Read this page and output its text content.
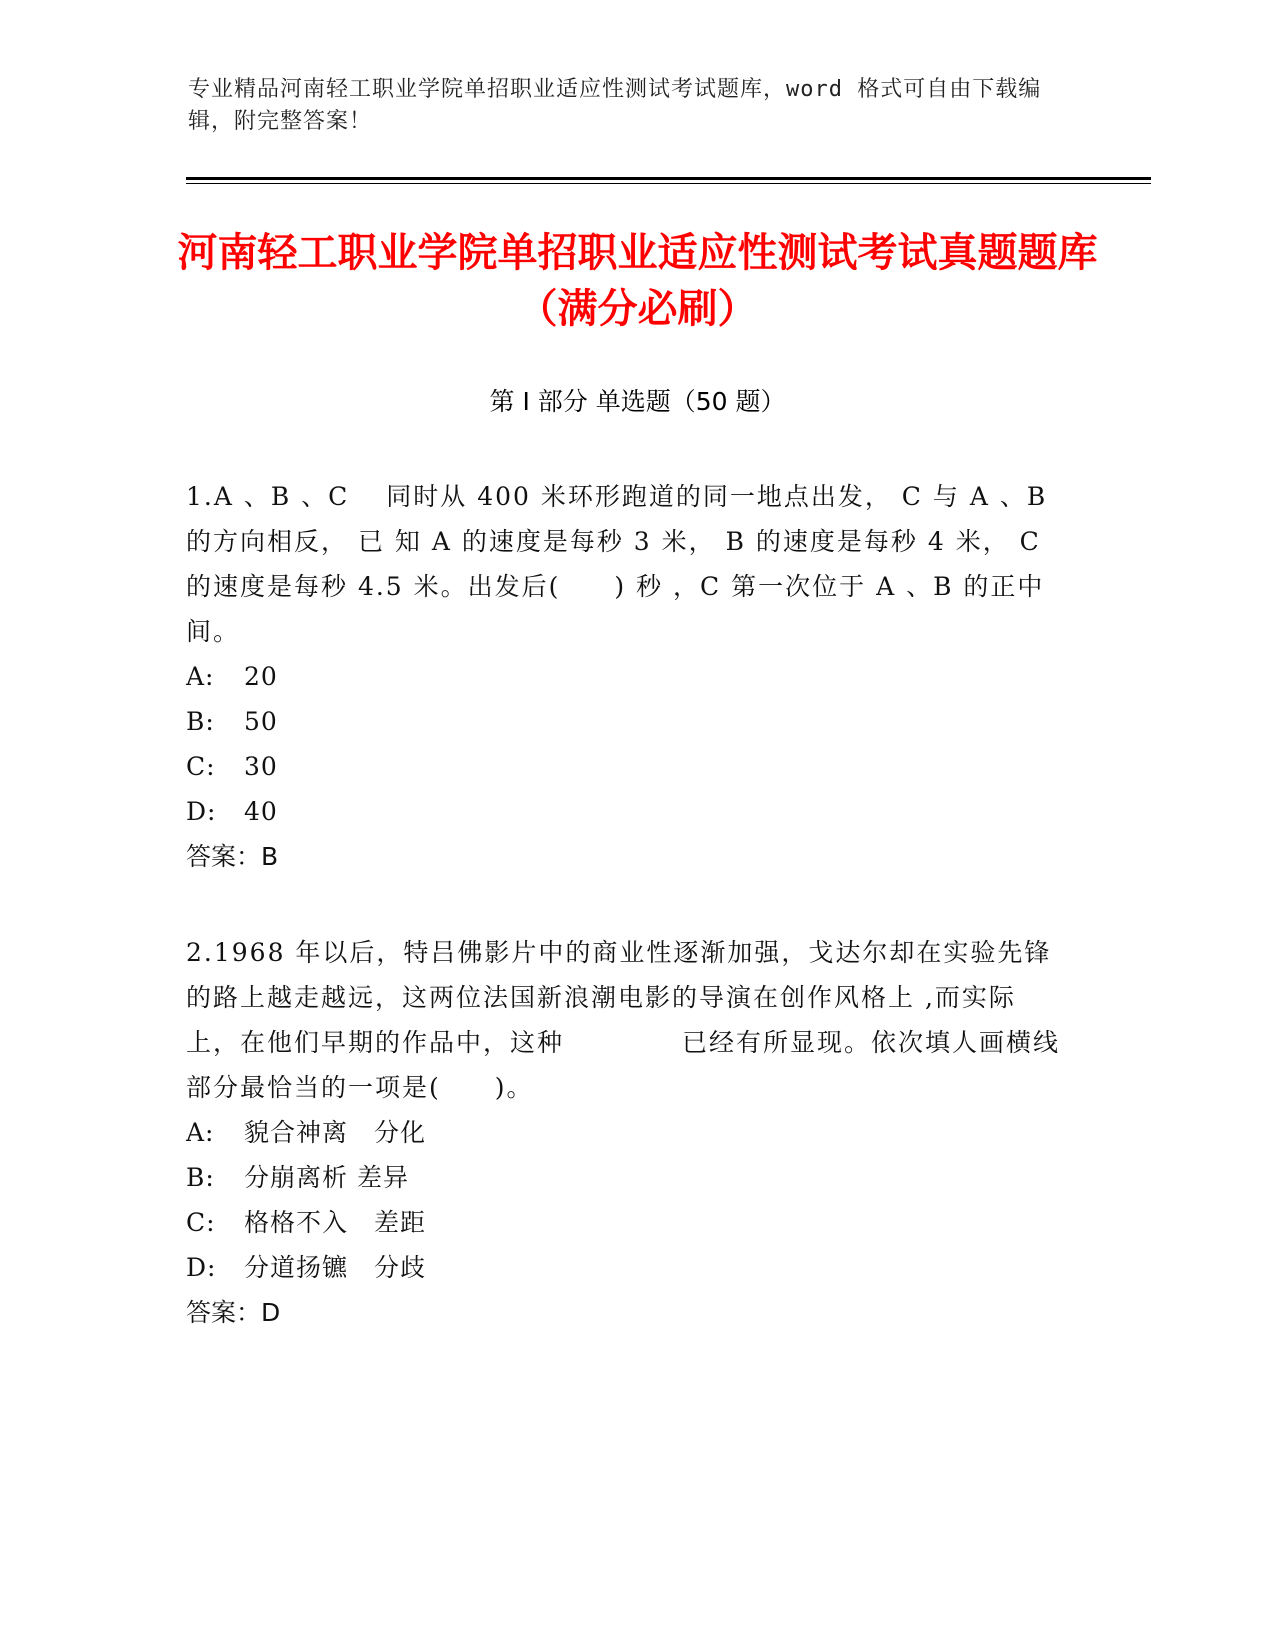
专业精品河南轻工职业学院单招职业适应性测试考试题库，word 格式可自由下载编辑，附完整答案！
河南轻工职业学院单招职业适应性测试考试真题题库（满分必刷）
第 I 部分 单选题（50 题）
1.A 、B 、C　 同时从 400 米环形跑道的同一地点出发， C 与 A 、B 的方向相反， 已 知 A 的速度是每秒 3 米， B 的速度是每秒 4 米， C 的速度是每秒 4.5 米。出发后(　　) 秒 ，C 第一次位于 A 、B 的正中间。
A: 20
B: 50
C: 30
D: 40
答案：B
2.1968 年以后，特吕佛影片中的商业性逐渐加强，戈达尔却在实验先锋的路上越走越远，这两位法国新浪潮电影的导演在创作风格上 ,而实际上，在他们早期的作品中，这种　　　　 已经有所显现。依次填人画横线部分最恰当的一项是(　　)。
A: 貌合神离　分化
B: 分崩离析 差异
C: 格格不入　差距
D: 分道扬镳　分歧
答案：D
